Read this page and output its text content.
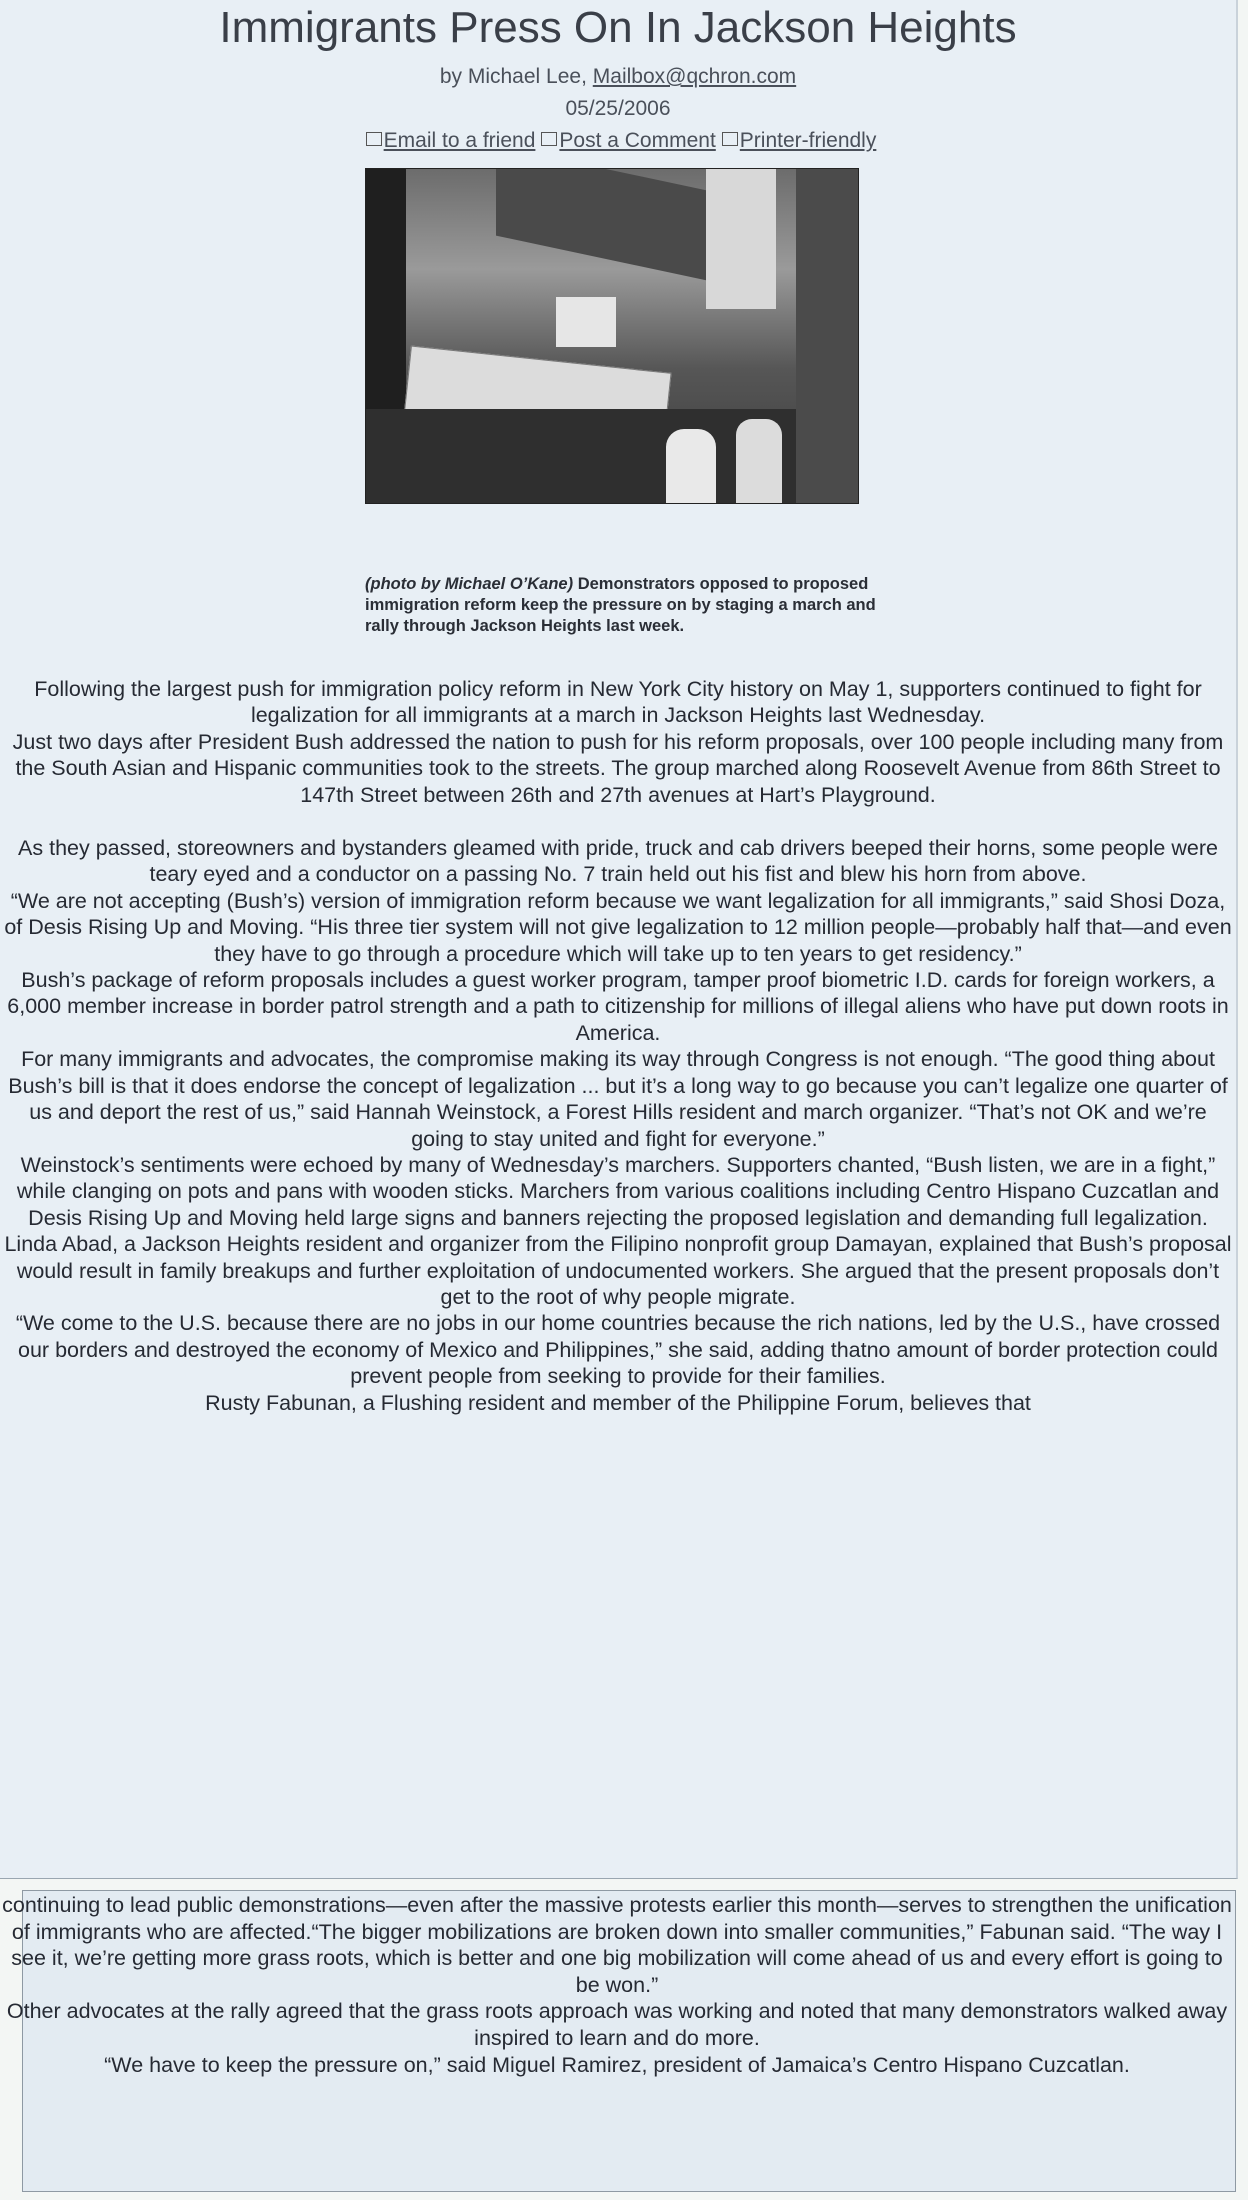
Immigrants Press On In Jackson Heights
by Michael Lee, Mailbox@qchron.com
05/25/2006
Email to a friend Post a Comment Printer-friendly
(photo by Michael O’Kane) Demonstrators opposed to proposed immigration reform keep the pressure on by staging a march and rally through Jackson Heights last week.

Following the largest push for immigration policy reform in New York City history on May 1, supporters continued to fight for legalization for all immigrants at a march in Jackson Heights last Wednesday.

Just two days after President Bush addressed the nation to push for his reform proposals, over 100 people including many from the South Asian and Hispanic communities took to the streets. The group marched along Roosevelt Avenue from 86th Street to 147th Street between 26th and 27th avenues at Hart’s Playground.

As they passed, storeowners and bystanders gleamed with pride, truck and cab drivers beeped their horns, some people were teary eyed and a conductor on a passing No. 7 train held out his fist and blew his horn from above.

“We are not accepting (Bush’s) version of immigration reform because we want legalization for all immigrants,” said Shosi Doza, of Desis Rising Up and Moving. “His three tier system will not give legalization to 12 million people—probably half that—and even they have to go through a procedure which will take up to ten years to get residency.”

Bush’s package of reform proposals includes a guest worker program, tamper proof biometric I.D. cards for foreign workers, a 6,000 member increase in border patrol strength and a path to citizenship for millions of illegal aliens who have put down roots in America.

For many immigrants and advocates, the compromise making its way through Congress is not enough. “The good thing about Bush’s bill is that it does endorse the concept of legalization ... but it’s a long way to go because you can’t legalize one quarter of us and deport the rest of us,” said Hannah Weinstock, a Forest Hills resident and march organizer. “That’s not OK and we’re going to stay united and fight for everyone.”

Weinstock’s sentiments were echoed by many of Wednesday’s marchers. Supporters chanted, “Bush listen, we are in a fight,” while clanging on pots and pans with wooden sticks. Marchers from various coalitions including Centro Hispano Cuzcatlan and Desis Rising Up and Moving held large signs and banners rejecting the proposed legislation and demanding full legalization.

Linda Abad, a Jackson Heights resident and organizer from the Filipino nonprofit group Damayan, explained that Bush’s proposal would result in family breakups and further exploitation of undocumented workers. She argued that the present proposals don’t get to the root of why people migrate.

“We come to the U.S. because there are no jobs in our home countries because the rich nations, led by the U.S., have crossed our borders and destroyed the economy of Mexico and Philippines,” she said, adding thatno amount of border protection could prevent people from seeking to provide for their families.

Rusty Fabunan, a Flushing resident and member of the Philippine Forum, believes that

continuing to lead public demonstrations—even after the massive protests earlier this month—serves to strengthen the unification of immigrants who are affected.“The bigger mobilizations are broken down into smaller communities,” Fabunan said. “The way I see it, we’re getting more grass roots, which is better and one big mobilization will come ahead of us and every effort is going to be won.”

Other advocates at the rally agreed that the grass roots approach was working and noted that many demonstrators walked away inspired to learn and do more.

“We have to keep the pressure on,” said Miguel Ramirez, president of Jamaica’s Centro Hispano Cuzcatlan.
